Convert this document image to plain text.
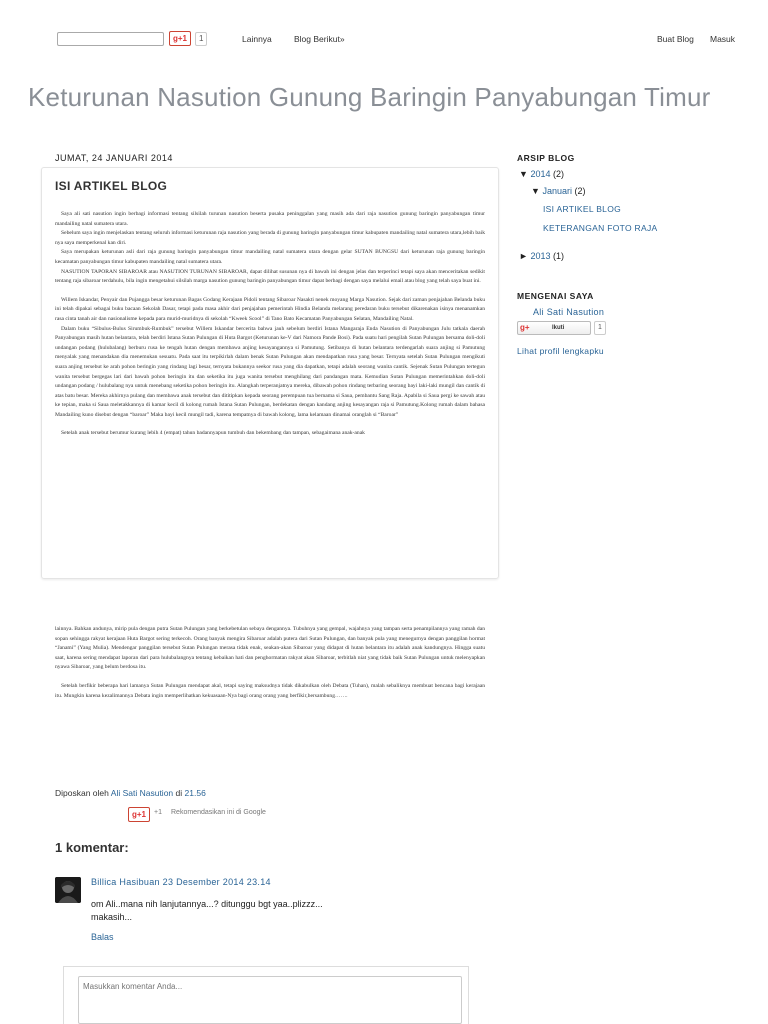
g+1	1	Lainnya	Blog Berikut»	Buat Blog Masuk
Keturunan Nasution Gunung Baringin Panyabungan Timur
JUMAT, 24 JANUARI 2014
ISI ARTIKEL BLOG

Saya ali sati nasution ingin berbagi informasi tentang silsilah turunan nasution beserta pusaka peninggalan yang masih ada dari raja nasution gunung baringin panyabungan timur mandailing natal sumatera utara.

Sebelum saya ingin menjelaskan tentang seluruh informasi keturunan raja nasution yang berada di gunung baringin panyabungan timur kabupaten mandailing natal sumatera utara,lebih baik nya saya memperkenal kan diri.

Saya merupakan keturunan asli dari raja gunung baringin panyabungan timur mandailing natal sumatera utara dengan gelar SUTAN BUNGSU dari keturunan raja gunung baringin kecamatan panyabungan timur kabupaten mandailing natal sumatera utara.

NASUTION TAPORAN SIBAROAR atau NASUTION TURUNAN SIBAROAR, dapat dilihat susunan nya di bawah ini dengan jelas dan terperinci tetapi saya akan menceritakan sedikit tentang raja sibaroar terdahulu, bila ingin mengetahui silsilah marga nasution gunung baringin panyabungan timur dapat berbagi dengan saya melalui email atau blog yang telah saya buat ini.

Willem Iskandar, Penyair dan Pujangga besar keturunan Bagas Godang Kerajaan Pidoli tentang Sibaroar Nasakti nenek moyang Marga Nasution. Sejak dari zaman penjajahan Belanda buku ini telah dipakai sebagai buku bacaan Sekolah Dasar, tetapi pada masa akhir dari penjajahan pemerintah Hindia Belanda melarang peredaran buku tersebut dikarenakan isinya menanamkan rasa cinta tanah air dan nasionalisme kepada para murid-muridnya di sekolah “Kweek Scool” di Tano Bato Kecamatan Panyabungan Selatan, Mandailing Natal.

Dalam buku “Sibulus-Bulus Sirumbuk-Rumbuk” tersebut Willem Iskandar bercerita bahwa jauh sebelum berdiri Istana Mangaraja Enda Nasution di Panyabungan Julu tatkala daerah Panyabungan masih hutan belantara, telah berdiri Istana Sutan Pulungan di Huta Bargot (Keturunan ke-V dari Namora Pande Bosi). Pada suatu hari pengilah Sutan Pulungan bersama doli-doli undangan podang (hulubalang) berburu rusa ke tengah hutan dengan membawa anjing kesayangannya si Pamutung. Setibanya di hutan belantara terdengarlah suara anjing si Pamutung menyalak yang menandakan dia menemukan sesuatu. Pada saat itu terpikirlah dalam benak Sutan Pulungan akan mendapatkan rusa yang besar. Ternyata setelah Sutan Pulungan mengikuti suara anjing tersebut ke arah pohon beringin yang rindang lagi besar, ternyata bukannya seekor rusa yang dia dapatkan, tetapi adalah seorang wanita cantik. Sejenak Sutan Pulungan tertegun wanita tersebut bergegas lari dari bawah pohon beringin itu dan seketika itu juga wanita tersebut menghilang dari pandangan mata. Kemudian Sutan Pulungan memerintahkan doli-doli undangan podang / hulubalang nya untuk menebang seketika pohon beringin itu. Alangkah terperanjatnya mereka, dibawah pohon rindang terbaring seorang bayi laki-laki mungil dan cantik di atas batu besar. Mereka akhirnya pulang dan membawa anak tersebut dan dititipkan kepada seorang perempuan tua bernama si Saua, pembantu Sang Raja. Apabila si Saua pergi ke sawah atau ke tepian, maka si Saua meletakkannya di kamar kecil di kolong rumah Istana Sutan Pulungan, berdekatan dengan kandang anjing kesayangan raja si Pamutung.Kolong rumah dalam bahasa Mandailing kuno disebut dengan “baroar” Maka bayi kecil mungil tadi, karena tempatnya di bawah kolong, lama kelamaan dinamai oranglah si “Baroar”

Setelah anak tersebut berumur kurang lebih 4 (empat) tahun badannyapun tumbuh dan bekembang dan tampan, sebagaimana anak-anak

lainnya. Bahkan andunya, mirip pula dengan putra Sutan Pulungan yang berkebetulan sebaya dengannya. Tubuhnya yang gempal, wajahnya yang tampan serta penampilannya yang ramah dan sopan sehingga rakyat kerajaan Huta Bargot sering terkecoh. Orang banyak mengira Sibaroar adalah putera dari Sutan Pulungan, dan banyak pula yang menegurnya dengan panggilan hormat “Janami” (Yang Mulia). Mendengar panggilan tersebut Sutan Pulungan merasa tidak enak, seakan-akan Sibaroar yang didapat di hutan belantara itu adalah anak kandungnya. Hingga suatu saat, karena sering mendapat laporan dari para hulubalangnya tentang kebaikan hati dan penghormatan rakyat akan Sibaroar, terbitlah niat yang tidak baik Sutan Pulungan untuk melenyapkan nyawa Sibaroar, yang belum berdosa itu.

Setelah berfikir beberapa hari lamanya Sutan Pulungan mendapat akal, tetapi saying maksudnya tidak dikabulkan oleh Debata (Tuhan), malah sebaliknya membuat bencana bagi kerajaan itu. Mungkin karena kezalimannya Debata ingin memperlihatkan kekuasaan-Nya bagi orang orang yang berfikir,bersambung…….

Diposkan oleh Ali Sati Nasution di 21.56
g+1	+1 Rekomendasikan ini di Google
1 komentar:
Billica Hasibuan 23 Desember 2014 23.14
om Ali..mana nih lanjutannya...? ditunggu bgt yaa..plizzz...
makasih...
Balas
Masukkan komentar Anda...
ARSIP BLOG
▼ 2014 (2)
▼ Januari (2)
ISI ARTIKEL BLOG
KETERANGAN FOTO RAJA
► 2013 (1)
MENGENAI SAYA
Ali Sati Nasution
g+	Ikuti	1
Lihat profil lengkapku
